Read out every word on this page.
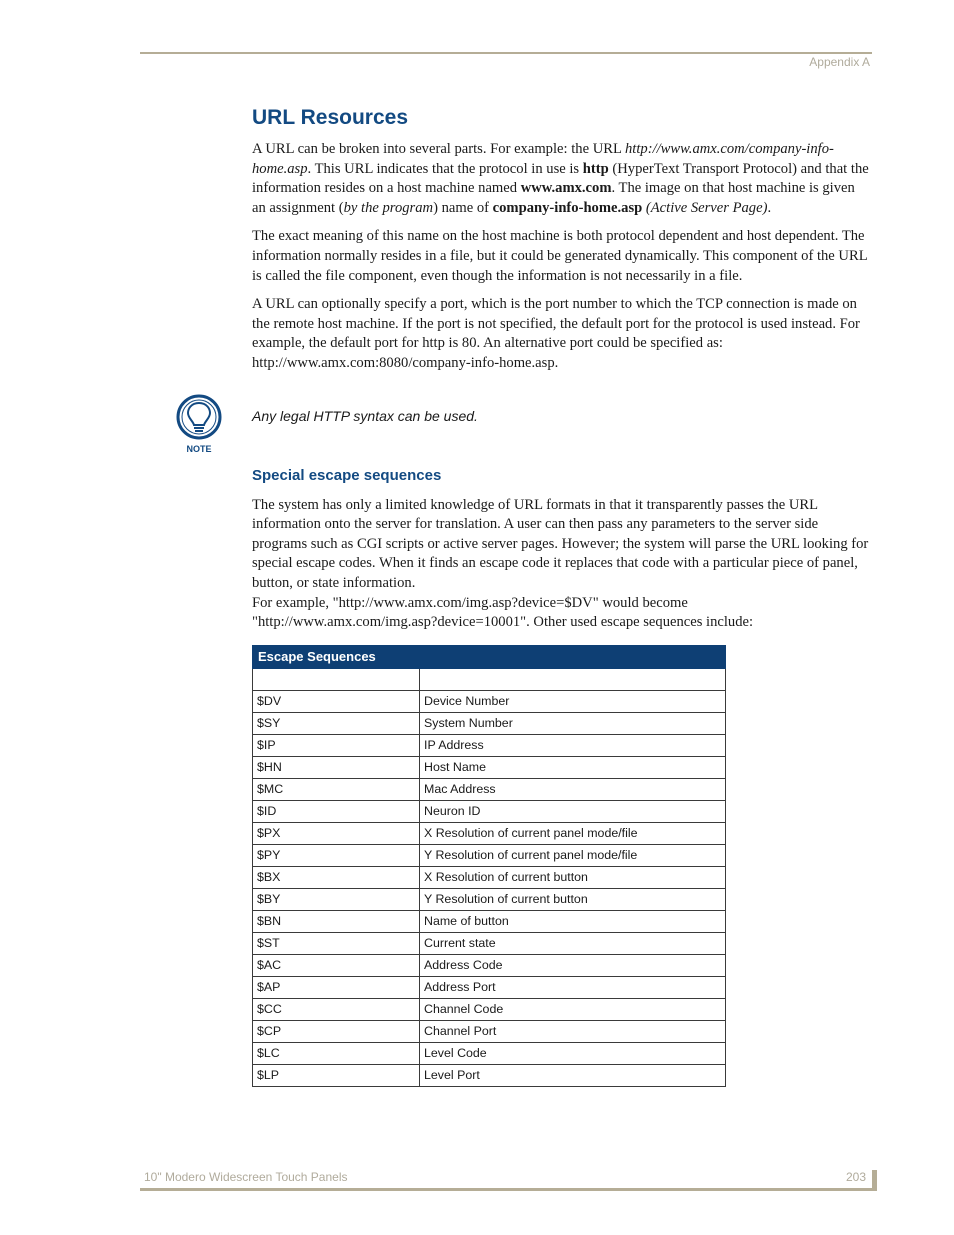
Appendix A
URL Resources

A URL can be broken into several parts. For example: the URL http://www.amx.com/company-info-home.asp. This URL indicates that the protocol in use is http (HyperText Transport Protocol) and that the information resides on a host machine named www.amx.com. The image on that host machine is given an assignment (by the program) name of company-info-home.asp (Active Server Page).

The exact meaning of this name on the host machine is both protocol dependent and host dependent. The information normally resides in a file, but it could be generated dynamically. This component of the URL is called the file component, even though the information is not necessarily in a file.

A URL can optionally specify a port, which is the port number to which the TCP connection is made on the remote host machine. If the port is not specified, the default port for the protocol is used instead. For example, the default port for http is 80. An alternative port could be specified as: http://www.amx.com:8080/company-info-home.asp.

NOTE
Any legal HTTP syntax can be used.
Special escape sequences

The system has only a limited knowledge of URL formats in that it transparently passes the URL information onto the server for translation. A user can then pass any parameters to the server side programs such as CGI scripts or active server pages. However; the system will parse the URL looking for special escape codes. When it finds an escape code it replaces that code with a particular piece of panel, button, or state information.

For example, "http://www.amx.com/img.asp?device=$DV" would become "http://www.amx.com/img.asp?device=10001". Other used escape sequences include:

Escape Sequences	

$DV	Device Number
$SY	System Number
$IP	IP Address
$HN	Host Name
$MC	Mac Address
$ID	Neuron ID
$PX	X Resolution of current panel mode/file
$PY	Y Resolution of current panel mode/file
$BX	X Resolution of current button
$BY	Y Resolution of current button
$BN	Name of button
$ST	Current state
$AC	Address Code
$AP	Address Port
$CC	Channel Code
$CP	Channel Port
$LC	Level Code
$LP	Level Port
10" Modero Widescreen Touch Panels	203
